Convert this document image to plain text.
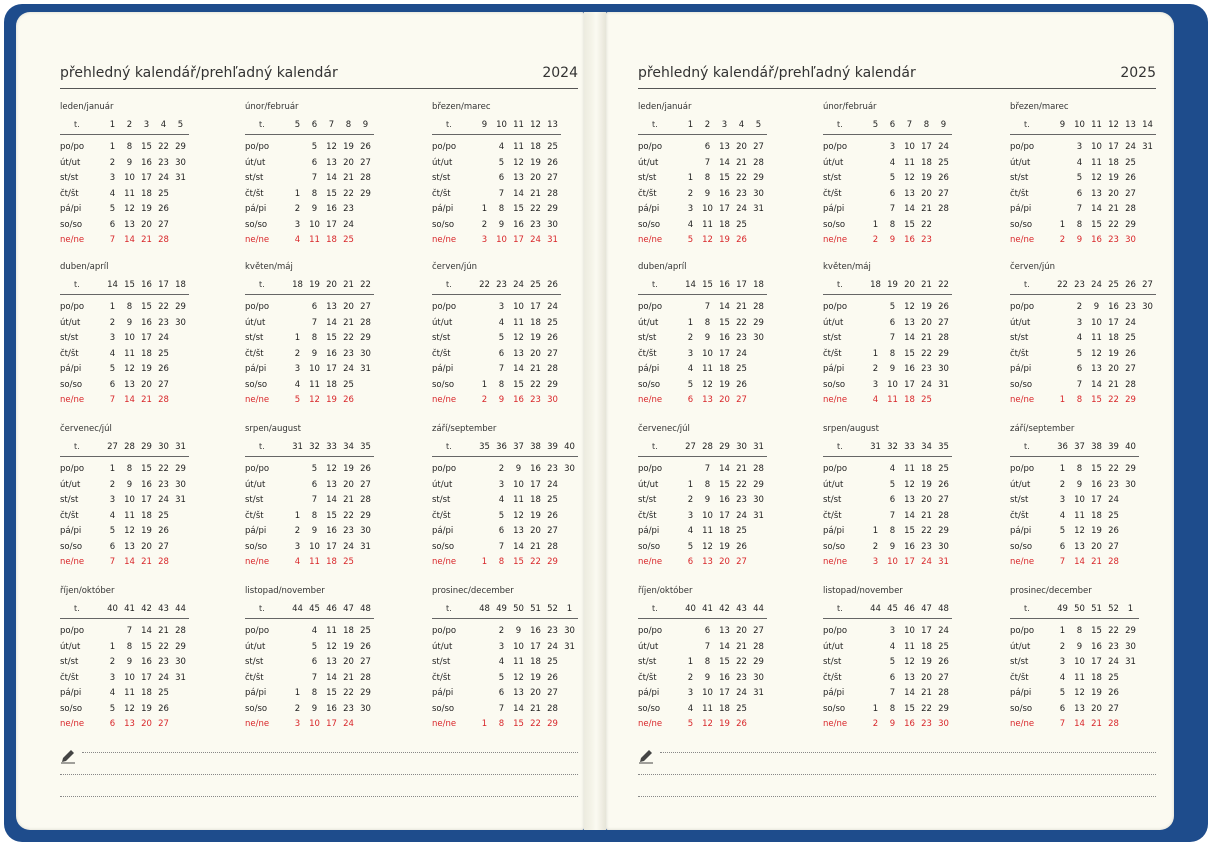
přehledný kalendář/prehľadný kalendár	2024
leden/január
t.	1	2	3	4	5
po/po	1	8	15 22 29
út/ut	2	9	16 23 30
st/st	3	10 17 24 31
čt/št	4	11 18 25
pá/pi	5	12 19 26
so/so	6	13 20 27
ne/ne	7	14 21 28
únor/február
t.	5	6	7	8	9
po/po	5	12 19 26
út/ut	6	13 20 27
st/st	7	14 21 28
čt/št	1	8	15 22 29
pá/pi	2	9	16 23
so/so	3	10 17 24
ne/ne	4	11 18 25
březen/marec
t.	9	10 11 12 13
po/po	4	11 18 25
út/ut	5	12 19 26
st/st	6	13 20 27
čt/št	7	14 21 28
pá/pi	1	8	15 22 29
so/so	2	9	16 23 30
ne/ne	3	10 17 24 31
duben/apríl
t.	14 15 16 17 18
po/po	1	8	15 22 29
út/ut	2	9	16 23 30
st/st	3	10 17 24
čt/št	4	11 18 25
pá/pi	5	12 19 26
so/so	6	13 20 27
ne/ne	7	14 21 28
květen/máj
t.	18 19 20 21 22
po/po	6	13 20 27
út/ut	7	14 21 28
st/st	1	8	15 22 29
čt/št	2	9	16 23 30
pá/pi	3	10 17 24 31
so/so	4	11 18 25
ne/ne	5	12 19 26
červen/jún
t.	22 23 24 25 26
po/po	3	10 17 24
út/ut	4	11 18 25
st/st	5	12 19 26
čt/št	6	13 20 27
pá/pi	7	14 21 28
so/so	1	8	15 22 29
ne/ne	2	9	16 23 30
červenec/júl
t.	27 28 29 30 31
po/po	1	8	15 22 29
út/ut	2	9	16 23 30
st/st	3	10 17 24 31
čt/št	4	11 18 25
pá/pi	5	12 19 26
so/so	6	13 20 27
ne/ne	7	14 21 28
srpen/august
t.	31 32 33 34 35
po/po	5	12 19 26
út/ut	6	13 20 27
st/st	7	14 21 28
čt/št	1	8	15 22 29
pá/pi	2	9	16 23 30
so/so	3	10 17 24 31
ne/ne	4	11 18 25
září/september
t.	35 36 37 38 39 40
po/po	2	9	16 23 30
út/ut	3	10 17 24
st/st	4	11 18 25
čt/št	5	12 19 26
pá/pi	6	13 20 27
so/so	7	14 21 28
ne/ne	1	8	15 22 29
říjen/október
t.	40 41 42 43 44
po/po	7	14 21 28
út/ut	1	8	15 22 29
st/st	2	9	16 23 30
čt/št	3	10 17 24 31
pá/pi	4	11 18 25
so/so	5	12 19 26
ne/ne	6	13 20 27
listopad/november
t.	44 45 46 47 48
po/po	4	11 18 25
út/ut	5	12 19 26
st/st	6	13 20 27
čt/št	7	14 21 28
pá/pi	1	8	15 22 29
so/so	2	9	16 23 30
ne/ne	3	10 17 24
prosinec/december
t.	48 49 50 51 52	1
po/po	2	9	16 23 30
út/ut	3	10 17 24 31
st/st	4	11 18 25
čt/št	5	12 19 26
pá/pi	6	13 20 27
so/so	7	14 21 28
ne/ne	1	8	15 22 29
přehledný kalendář/prehľadný kalendár	2025
leden/január
t.	1	2	3	4	5
po/po	6	13 20 27
út/ut	7	14 21 28
st/st	1	8	15 22 29
čt/št	2	9	16 23 30
pá/pi	3	10 17 24 31
so/so	4	11 18 25
ne/ne	5	12 19 26
únor/február
t.	5	6	7	8	9
po/po	3	10 17 24
út/ut	4	11 18 25
st/st	5	12 19 26
čt/št	6	13 20 27
pá/pi	7	14 21 28
so/so	1	8	15 22
ne/ne	2	9	16 23
březen/marec
t.	9	10 11 12 13 14
po/po	3	10 17 24 31
út/ut	4	11 18 25
st/st	5	12 19 26
čt/št	6	13 20 27
pá/pi	7	14 21 28
so/so	1	8	15 22 29
ne/ne	2	9	16 23 30
duben/apríl
t.	14 15 16 17 18
po/po	7	14 21 28
út/ut	1	8	15 22 29
st/st	2	9	16 23 30
čt/št	3	10 17 24
pá/pi	4	11 18 25
so/so	5	12 19 26
ne/ne	6	13 20 27
květen/máj
t.	18 19 20 21 22
po/po	5	12 19 26
út/ut	6	13 20 27
st/st	7	14 21 28
čt/št	1	8	15 22 29
pá/pi	2	9	16 23 30
so/so	3	10 17 24 31
ne/ne	4	11 18 25
červen/jún
t.	22 23 24 25 26 27
po/po	2	9	16 23 30
út/ut	3	10 17 24
st/st	4	11 18 25
čt/št	5	12 19 26
pá/pi	6	13 20 27
so/so	7	14 21 28
ne/ne	1	8	15 22 29
červenec/júl
t.	27 28 29 30 31
po/po	7	14 21 28
út/ut	1	8	15 22 29
st/st	2	9	16 23 30
čt/št	3	10 17 24 31
pá/pi	4	11 18 25
so/so	5	12 19 26
ne/ne	6	13 20 27
srpen/august
t.	31 32 33 34 35
po/po	4	11 18 25
út/ut	5	12 19 26
st/st	6	13 20 27
čt/št	7	14 21 28
pá/pi	1	8	15 22 29
so/so	2	9	16 23 30
ne/ne	3	10 17 24 31
září/september
t.	36 37 38 39 40
po/po	1	8	15 22 29
út/ut	2	9	16 23 30
st/st	3	10 17 24
čt/št	4	11 18 25
pá/pi	5	12 19 26
so/so	6	13 20 27
ne/ne	7	14 21 28
říjen/október
t.	40 41 42 43 44
po/po	6	13 20 27
út/ut	7	14 21 28
st/st	1	8	15 22 29
čt/št	2	9	16 23 30
pá/pi	3	10 17 24 31
so/so	4	11 18 25
ne/ne	5	12 19 26
listopad/november
t.	44 45 46 47 48
po/po	3	10 17 24
út/ut	4	11 18 25
st/st	5	12 19 26
čt/št	6	13 20 27
pá/pi	7	14 21 28
so/so	1	8	15 22 29
ne/ne	2	9	16 23 30
prosinec/december
t.	49 50 51 52	1
po/po	1	8	15 22 29
út/ut	2	9	16 23 30
st/st	3	10 17 24 31
čt/št	4	11 18 25
pá/pi	5	12 19 26
so/so	6	13 20 27
ne/ne	7	14 21 28
